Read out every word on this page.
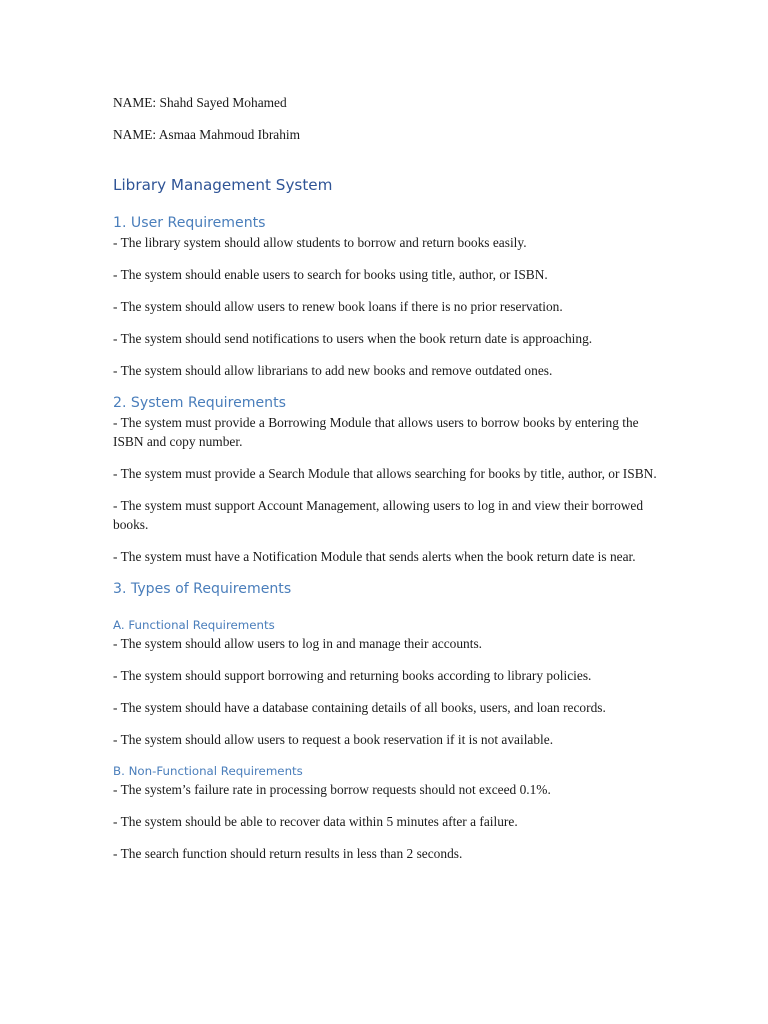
NAME: Shahd Sayed Mohamed

NAME: Asmaa Mahmoud Ibrahim

Library Management System
1. User Requirements

- The library system should allow students to borrow and return books easily.

- The system should enable users to search for books using title, author, or ISBN.

- The system should allow users to renew book loans if there is no prior reservation.

- The system should send notifications to users when the book return date is approaching.

- The system should allow librarians to add new books and remove outdated ones.

2. System Requirements

- The system must provide a Borrowing Module that allows users to borrow books by entering the ISBN and copy number.

- The system must provide a Search Module that allows searching for books by title, author, or ISBN.

- The system must support Account Management, allowing users to log in and view their borrowed books.

- The system must have a Notification Module that sends alerts when the book return date is near.

3. Types of Requirements
A. Functional Requirements

- The system should allow users to log in and manage their accounts.

- The system should support borrowing and returning books according to library policies.

- The system should have a database containing details of all books, users, and loan records.

- The system should allow users to request a book reservation if it is not available.

B. Non-Functional Requirements

- The system’s failure rate in processing borrow requests should not exceed 0.1%.

- The system should be able to recover data within 5 minutes after a failure.

- The search function should return results in less than 2 seconds.
